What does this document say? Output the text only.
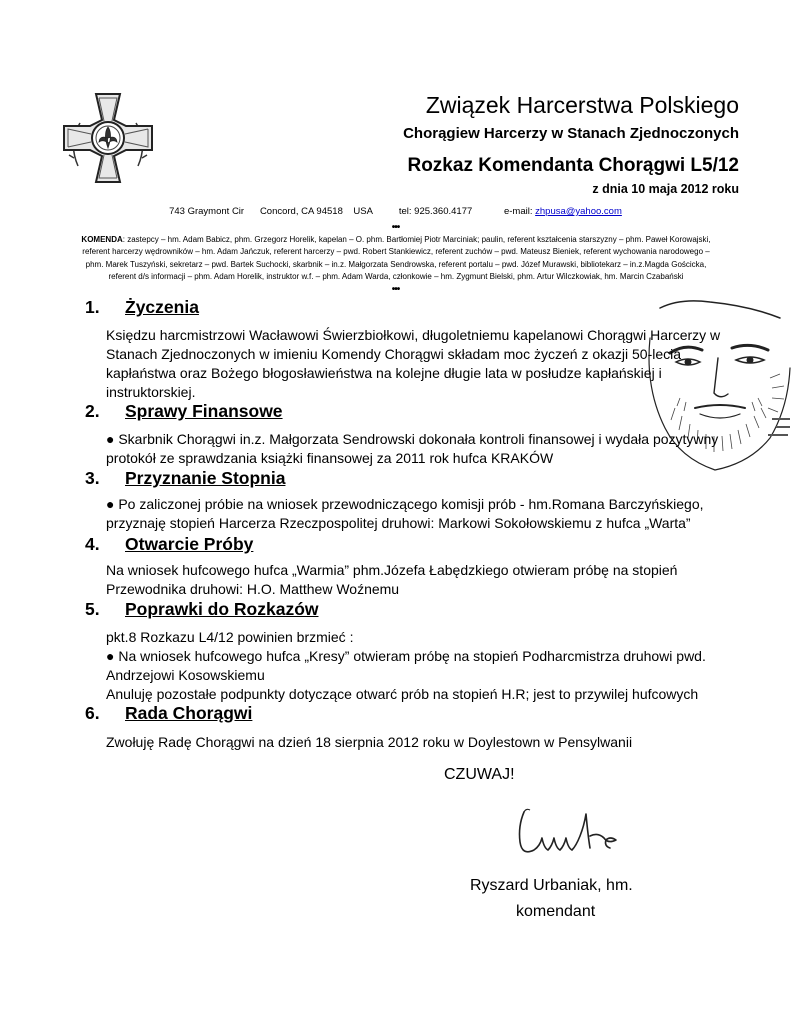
Związek Harcerstwa Polskiego
Chorągiew Harcerzy w Stanach Zjednoczonych
Rozkaz Komendanta Chorągwi L5/12
z dnia 10 maja 2012 roku
743 Graymont Cir Concord, CA 94518 USA	tel: 925.360.4177	e-mail: zhpusa@yahoo.com
•••
KOMENDA: zastepcy – hm. Adam Babicz, phm. Grzegorz Horelik, kapelan – O. phm. Bartłomiej Piotr Marciniak; paulin, referent kształcenia starszyzny – phm. Paweł Korowajski,
referent harcerzy wędrowników – hm. Adam Jańczuk, referent harcerzy – pwd. Robert Stankiewicz, referent zuchów – pwd. Mateusz Bieniek, referent wychowania narodowego –
phm. Marek Tuszyński, sekretarz – pwd. Bartek Suchocki, skarbnik – in.z. Małgorzata Sendrowska, referent portalu – pwd. Józef Murawski, bibliotekarz – in.z.Magda Gościcka,
referent d/s informacji – phm. Adam Horelik, instruktor w.f. – phm. Adam Warda, członkowie – hm. Zygmunt Bielski, phm. Artur Wilczkowiak, hm. Marcin Czabański
•••
1. Życzenia
Księdzu harcmistrzowi Wacławowi Świerzbiołkowi, długoletniemu kapelanowi Chorągwi Harcerzy w
Stanach Zjednoczonych w imieniu Komendy Chorągwi składam moc życzeń z okazji 50-lecia
kapłaństwa oraz Bożego błogosławieństwa na kolejne długie lata w posłudze kapłańskiej i
instruktorskiej.
2. Sprawy Finansowe
● Skarbnik Chorągwi in.z. Małgorzata Sendrowski dokonała kontroli finansowej i wydała pozytywny
protokół ze sprawdzania książki finansowej za 2011 rok hufca KRAKÓW
3. Przyznanie Stopnia
● Po zaliczonej próbie na wniosek przewodniczącego komisji prób - hm.Romana Barczyńskiego,
przyznaję stopień Harcerza Rzeczpospolitej druhowi: Markowi Sokołowskiemu z hufca „Warta”
4. Otwarcie Próby
Na wniosek hufcowego hufca „Warmia” phm.Józefa Łabędzkiego otwieram próbę na stopień
Przewodnika druhowi: H.O. Matthew Woźnemu
5. Poprawki do Rozkazów
pkt.8 Rozkazu L4/12 powinien brzmieć :
● Na wniosek hufcowego hufca „Kresy” otwieram próbę na stopień Podharcmistrza druhowi pwd.
Andrzejowi Kosowskiemu
Anuluję pozostałe podpunkty dotyczące otwarć prób na stopień H.R; jest to przywilej hufcowych
6. Rada Chorągwi
Zwołuję Radę Chorągwi na dzień 18 sierpnia 2012 roku w Doylestown w Pensylwanii
CZUWAJ!
Ryszard Urbaniak, hm.
komendant
